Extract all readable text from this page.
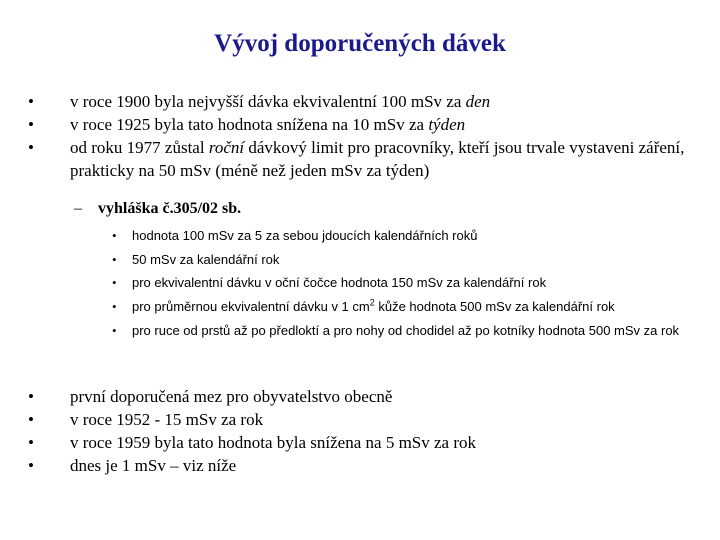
Vývoj doporučených dávek
•	v roce 1900 byla nejvyšší dávka ekvivalentní 100 mSv za den
•	v roce 1925 byla tato hodnota snížena na 10 mSv za týden
•	od roku 1977 zůstal roční dávkový limit pro pracovníky, kteří jsou trvale vystaveni záření, prakticky na 50 mSv (méně než jeden mSv za týden)
– vyhláška č.305/02 sb.
• hodnota 100 mSv za 5 za sebou jdoucích kalendářních roků
• 50 mSv za kalendářní rok
• pro ekvivalentní dávku v oční čočce hodnota 150 mSv za kalendářní rok
• pro průměrnou ekvivalentní dávku v 1 $cm^2$ kůže hodnota 500 mSv za kalendářní rok
• pro ruce od prstů až po předloktí a pro nohy od chodidel až po kotníky hodnota 500 mSv za rok
•	první doporučená mez pro obyvatelstvo obecně
•	v roce 1952 - 15 mSv za rok
•	v roce 1959 byla tato hodnota byla snížena na 5 mSv za rok
•	dnes je 1 mSv – viz níže
